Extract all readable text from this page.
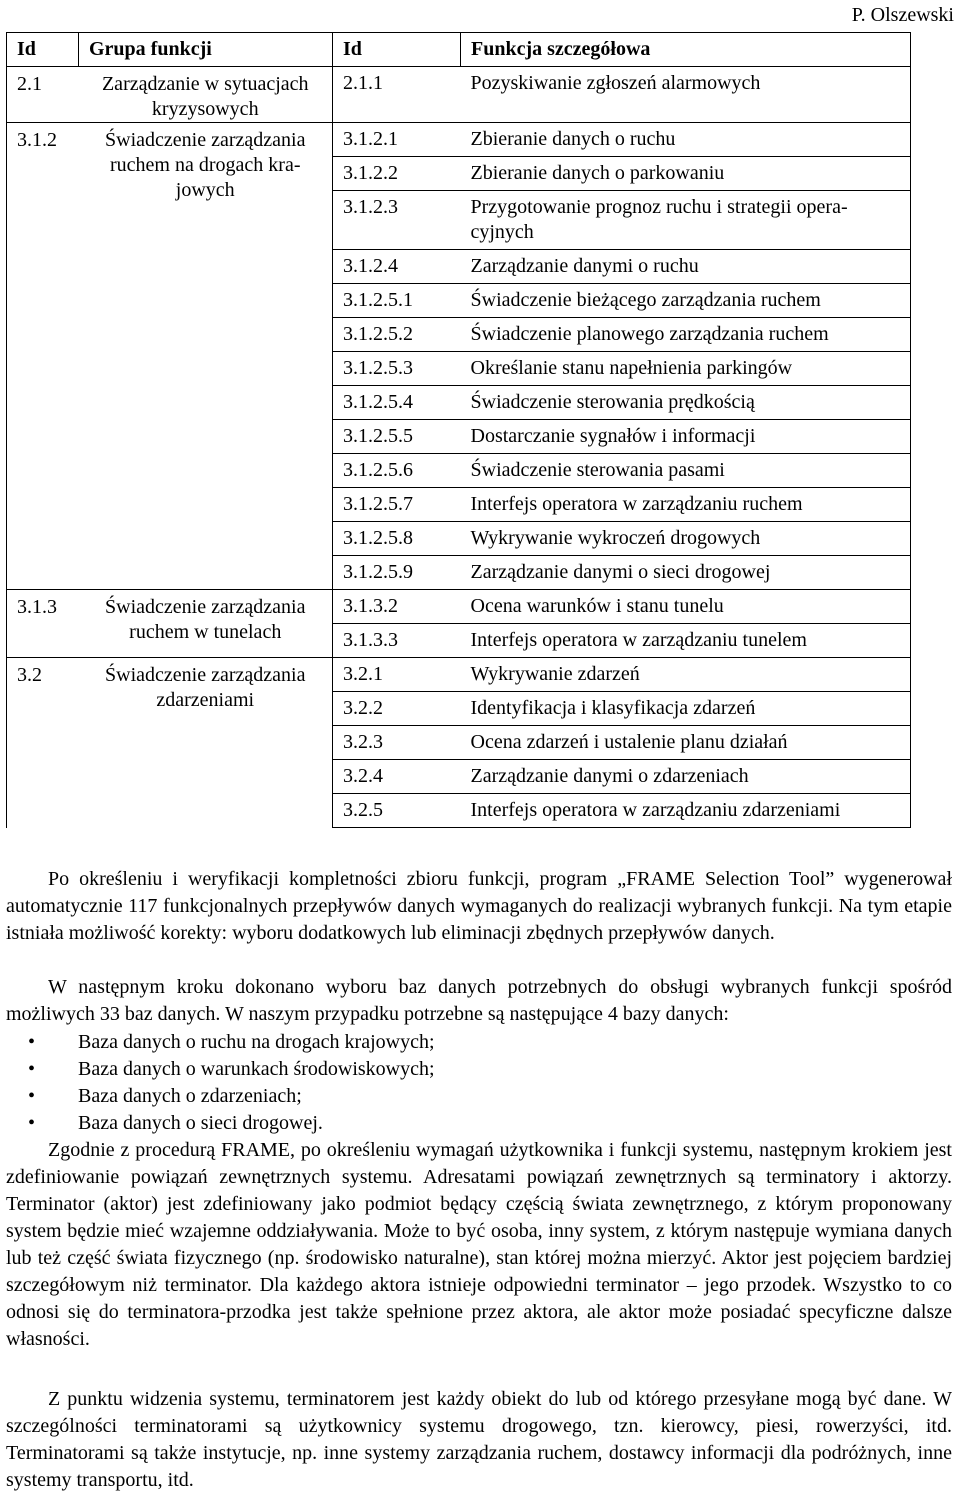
P. Olszewski
Id	Grupa funkcji	Id	Funkcja szczegółowa
2.1	Zarządzanie w sytuacjach kryzysowych	2.1.1	Pozyskiwanie zgłoszeń alarmowych
3.1.2	Świadczenie zarządzania ruchem na drogach kra-jowych	3.1.2.1	Zbieranie danych o ruchu
		3.1.2.2	Zbieranie danych o parkowaniu
		3.1.2.3	Przygotowanie prognoz ruchu i strategii opera-cyjnych
		3.1.2.4	Zarządzanie danymi o ruchu
		3.1.2.5.1	Świadczenie bieżącego zarządzania ruchem
		3.1.2.5.2	Świadczenie planowego zarządzania ruchem
		3.1.2.5.3	Określanie stanu napełnienia parkingów
		3.1.2.5.4	Świadczenie sterowania prędkością
		3.1.2.5.5	Dostarczanie sygnałów i informacji
		3.1.2.5.6	Świadczenie sterowania pasami
		3.1.2.5.7	Interfejs operatora w zarządzaniu ruchem
		3.1.2.5.8	Wykrywanie wykroczeń drogowych
		3.1.2.5.9	Zarządzanie danymi o sieci drogowej
3.1.3	Świadczenie zarządzania ruchem w tunelach	3.1.3.2	Ocena warunków i stanu tunelu
		3.1.3.3	Interfejs operatora w zarządzaniu tunelem
3.2	Świadczenie zarządzania zdarzeniami	3.2.1	Wykrywanie zdarzeń
		3.2.2	Identyfikacja i klasyfikacja zdarzeń
		3.2.3	Ocena zdarzeń i ustalenie planu działań
		3.2.4	Zarządzanie danymi o zdarzeniach
		3.2.5	Interfejs operatora w zarządzaniu zdarzeniami
Po określeniu i weryfikacji kompletności zbioru funkcji, program „FRAME Selection Tool” wygenerował automatycznie 117 funkcjonalnych przepływów danych wymaganych do realizacji wybranych funkcji. Na tym etapie istniała możliwość korekty: wyboru dodatkowych lub eliminacji zbędnych przepływów danych.
W następnym kroku dokonano wyboru baz danych potrzebnych do obsługi wybranych funkcji spośród możliwych 33 baz danych. W naszym przypadku potrzebne są następujące 4 bazy danych:
• Baza danych o ruchu na drogach krajowych;
• Baza danych o warunkach środowiskowych;
• Baza danych o zdarzeniach;
• Baza danych o sieci drogowej.
Zgodnie z procedurą FRAME, po określeniu wymagań użytkownika i funkcji systemu, następnym krokiem jest zdefiniowanie powiązań zewnętrznych systemu. Adresatami powiązań zewnętrznych są terminatory i aktorzy. Terminator (aktor) jest zdefiniowany jako podmiot będący częścią świata zewnętrznego, z którym proponowany system będzie mieć wzajemne oddziaływania. Może to być osoba, inny system, z którym następuje wymiana danych lub też część świata fizycznego (np. środowisko naturalne), stan której można mierzyć. Aktor jest pojęciem bardziej szczegółowym niż terminator. Dla każdego aktora istnieje odpowiedni terminator – jego przodek. Wszystko to co odnosi się do terminatora-przodka jest także spełnione przez aktora, ale aktor może posiadać specyficzne dalsze własności.
Z punktu widzenia systemu, terminatorem jest każdy obiekt do lub od którego przesyłane mogą być dane. W szczególności terminatorami są użytkownicy systemu drogowego, tzn. kierowcy, piesi, rowerzyści, itd. Terminatorami są także instytucje, np. inne systemy zarządzania ruchem, dostawcy informacji dla podróżnych, inne systemy transportu, itd.
